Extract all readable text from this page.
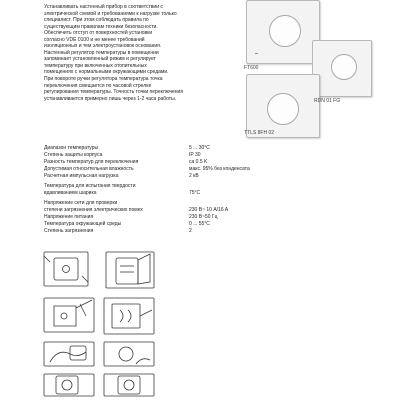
Устанавливать настенный прибор в соответствии с
электрической схемой и требованиями к нагрузке только
специалист. При этом соблюдать правила по
существующим правилам техники безопасности.
Обеспечить отступ от поверхностей установки
согласно VDE 0100 и не менее требований
изоляционных и тем электроустановок основания.
Настенный регулятор температуры в помещении
запоминает установленный режим и регулирует
температуру при включенных отопительных
помещениях с нормальными окружающими средами.
При повороте ручки регулятора температура точка
переключения смещается по часовой стрелке
регулирования температуры. Точность точки переключения
устанавливается примерно лишь через 1-2 часа работы.
▬
FT600
RDN 01 FG
TTLS 8FH 02
Диапазон температуры	5 ... 30°C
Степень защиты корпуса	IP 30
Разность температур для переключения	ca 0.5 K
Допустимая относительная влажность	макс. 95% без конденсата
Расчетная импульсная нагрузка	2 кВ
Температура для испытания твердости
вдавливанием шарика	75°C
Напряжение сети для проверки
степени загрязнения электрических помех	230 В~ 10 A/16 A
Напряжение питания	230 В~50 Гц
Температура окружающей среды	0 ... 55°C
Степень загрязнения	2
